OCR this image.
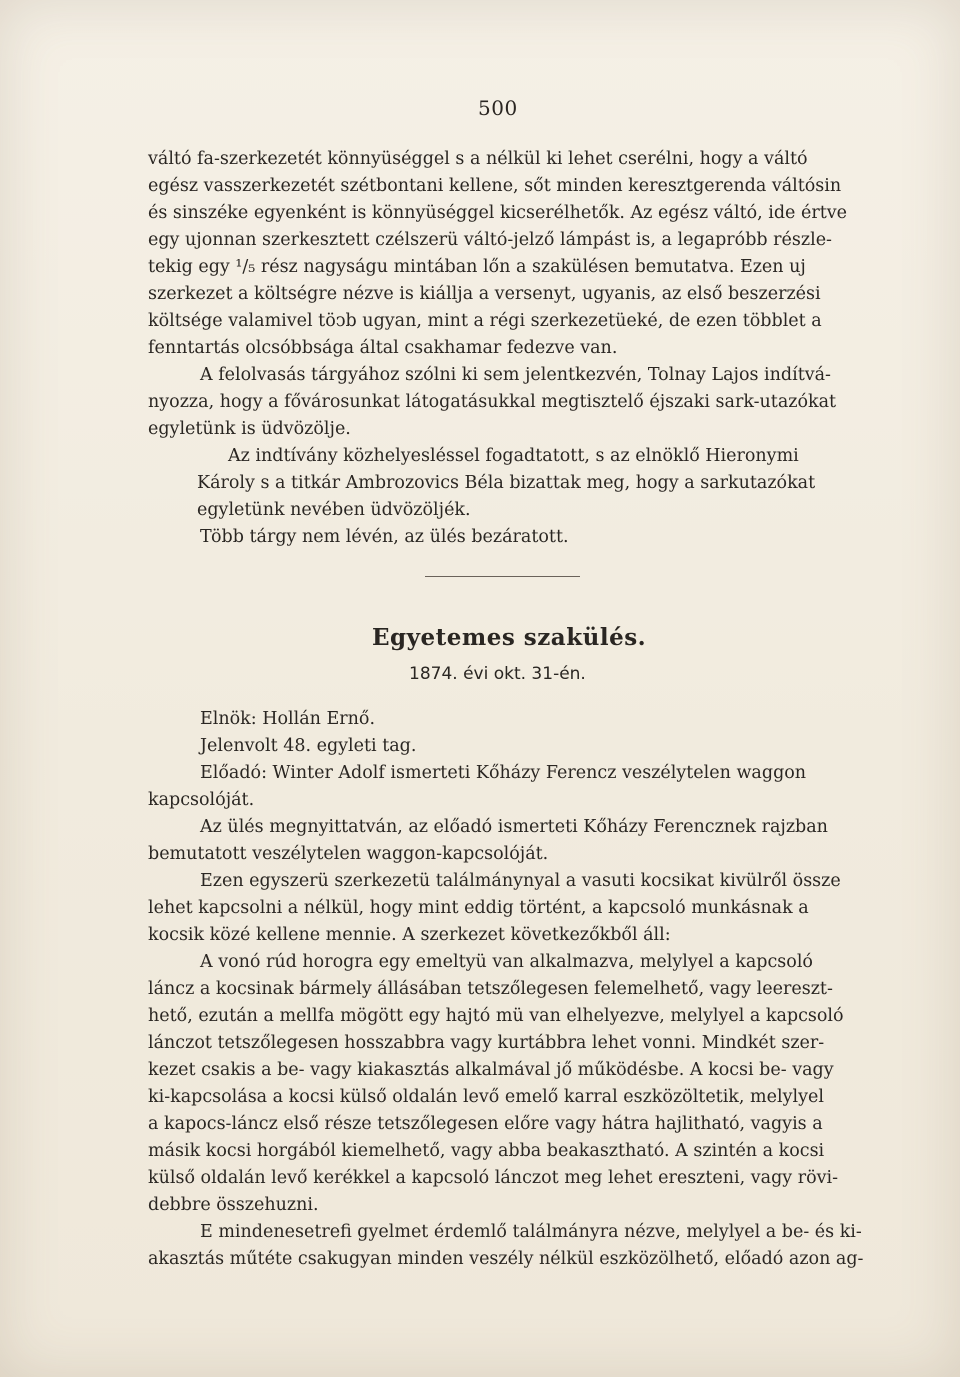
500
váltó fa-szerkezetét könnyüséggel s a nélkül ki lehet cserélni, hogy a váltó
egész vasszerkezetét szétbontani kellene, sőt minden keresztgerenda váltósin
és sinszéke egyenként is könnyüséggel kicserélhetők. Az egész váltó, ide értve
egy ujonnan szerkesztett czélszerü váltó-jelző lámpást is, a legapróbb részle-
tekig egy ¹/₅ rész nagyságu mintában lőn a szakülésen bemutatva. Ezen uj
szerkezet a költségre nézve is kiállja a versenyt, ugyanis, az első beszerzési
költsége valamivel töↄb ugyan, mint a régi szerkezetüeké, de ezen többlet a
fenntartás olcsóbbsága által csakhamar fedezve van.
A felolvasás tárgyához szólni ki sem jelentkezvén, Tolnay Lajos indítvá-
nyozza, hogy a fővárosunkat látogatásukkal megtisztelő éjszaki sark-utazókat
egyletünk is üdvözölje.
Az indtívány közhelyesléssel fogadtatott, s az elnöklő Hieronymi
Károly s a titkár Ambrozovics Béla bizattak meg, hogy a sarkutazókat
egyletünk nevében üdvözöljék.
Több tárgy nem lévén, az ülés bezáratott.
Egyetemes szakülés.
1874. évi okt. 31-én.
Elnök: Hollán Ernő.
Jelenvolt 48. egyleti tag.
Előadó: Winter Adolf ismerteti Kőházy Ferencz veszélytelen waggon
kapcsolóját.
Az ülés megnyittatván, az előadó ismerteti Kőházy Ferencznek rajzban
bemutatott veszélytelen waggon-kapcsolóját.
Ezen egyszerü szerkezetü találmánynyal a vasuti kocsikat kivülről össze
lehet kapcsolni a nélkül, hogy mint eddig történt, a kapcsoló munkásnak a
kocsik közé kellene mennie. A szerkezet következőkből áll:
A vonó rúd horogra egy emeltyü van alkalmazva, melylyel a kapcsoló
láncz a kocsinak bármely állásában tetszőlegesen felemelhető, vagy leereszt-
hető, ezután a mellfa mögött egy hajtó mü van elhelyezve, melylyel a kapcsoló
lánczot tetszőlegesen hosszabbra vagy kurtábbra lehet vonni. Mindkét szer-
kezet csakis a be- vagy kiakasztás alkalmával jő működésbe. A kocsi be- vagy
ki-kapcsolása a kocsi külső oldalán levő emelő karral eszközöltetik, melylyel
a kapocs-láncz első része tetszőlegesen előre vagy hátra hajlitható, vagyis a
másik kocsi horgából kiemelhető, vagy abba beakasztható. A szintén a kocsi
külső oldalán levő kerékkel a kapcsoló lánczot meg lehet ereszteni, vagy rövi-
debbre összehuzni.
E mindenesetrefi gyelmet érdemlő találmányra nézve, melylyel a be- és ki-
akasztás műtéte csakugyan minden veszély nélkül eszközölhető, előadó azon ag-
